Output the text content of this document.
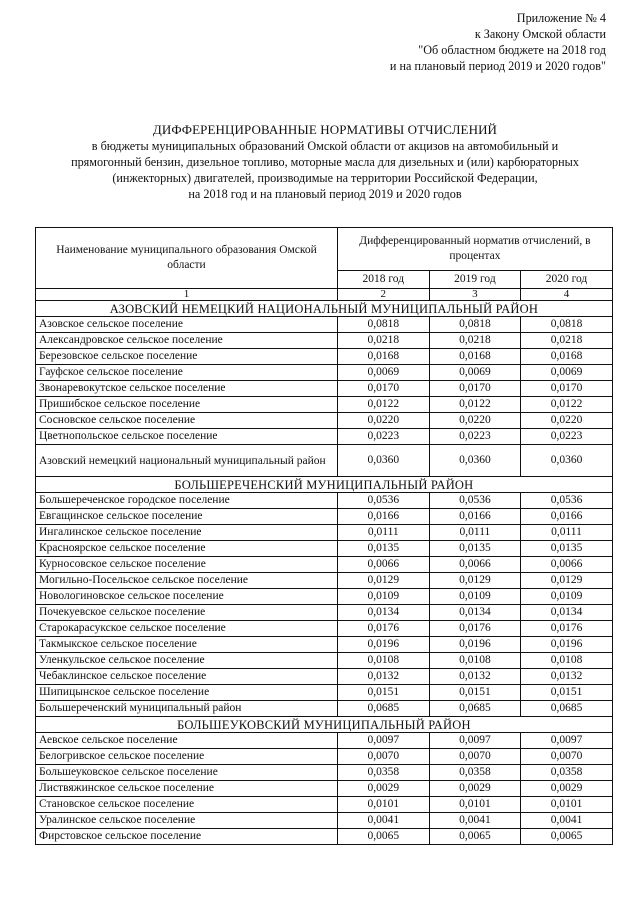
Приложение № 4
к Закону Омской области
"Об областном бюджете на 2018 год
и на плановый период 2019 и 2020 годов"
ДИФФЕРЕНЦИРОВАННЫЕ НОРМАТИВЫ ОТЧИСЛЕНИЙ
в бюджеты муниципальных образований Омской области от акцизов на автомобильный и
прямогонный бензин, дизельное топливо, моторные масла для дизельных и (или) карбюраторных
(инжекторных) двигателей, производимые на территории Российской Федерации,
на 2018 год и на плановый период 2019 и 2020 годов
Наименование муниципального образования Омской области	Дифференцированный норматив отчислений, в процентах		
	2018 год	2019 год	2020 год
1	2	3	4
АЗОВСКИЙ НЕМЕЦКИЙ НАЦИОНАЛЬНЫЙ МУНИЦИПАЛЬНЫЙ РАЙОН			
Азовское сельское поселение	0,0818	0,0818	0,0818
Александровское сельское поселение	0,0218	0,0218	0,0218
Березовское сельское поселение	0,0168	0,0168	0,0168
Гауфское сельское поселение	0,0069	0,0069	0,0069
Звонаревокутское сельское поселение	0,0170	0,0170	0,0170
Пришибское сельское поселение	0,0122	0,0122	0,0122
Сосновское сельское поселение	0,0220	0,0220	0,0220
Цветнопольское сельское поселение	0,0223	0,0223	0,0223
Азовский немецкий национальный муниципальный район	0,0360	0,0360	0,0360
БОЛЬШЕРЕЧЕНСКИЙ МУНИЦИПАЛЬНЫЙ РАЙОН			
Большереченское городское поселение	0,0536	0,0536	0,0536
Евгащинское сельское поселение	0,0166	0,0166	0,0166
Ингалинское сельское поселение	0,0111	0,0111	0,0111
Красноярское сельское поселение	0,0135	0,0135	0,0135
Курносовское сельское поселение	0,0066	0,0066	0,0066
Могильно-Посельское сельское поселение	0,0129	0,0129	0,0129
Новологиновское сельское поселение	0,0109	0,0109	0,0109
Почекуевское сельское поселение	0,0134	0,0134	0,0134
Старокарасукское сельское поселение	0,0176	0,0176	0,0176
Такмыкское сельское поселение	0,0196	0,0196	0,0196
Уленкульское сельское поселение	0,0108	0,0108	0,0108
Чебаклинское сельское поселение	0,0132	0,0132	0,0132
Шипицынское сельское поселение	0,0151	0,0151	0,0151
Большереченский муниципальный район	0,0685	0,0685	0,0685
БОЛЬШЕУКОВСКИЙ МУНИЦИПАЛЬНЫЙ РАЙОН			
Аевское сельское поселение	0,0097	0,0097	0,0097
Белогривское сельское поселение	0,0070	0,0070	0,0070
Большеуковское сельское поселение	0,0358	0,0358	0,0358
Листвяжинское сельское поселение	0,0029	0,0029	0,0029
Становское сельское поселение	0,0101	0,0101	0,0101
Уралинское сельское поселение	0,0041	0,0041	0,0041
Фирстовское сельское поселение	0,0065	0,0065	0,0065
